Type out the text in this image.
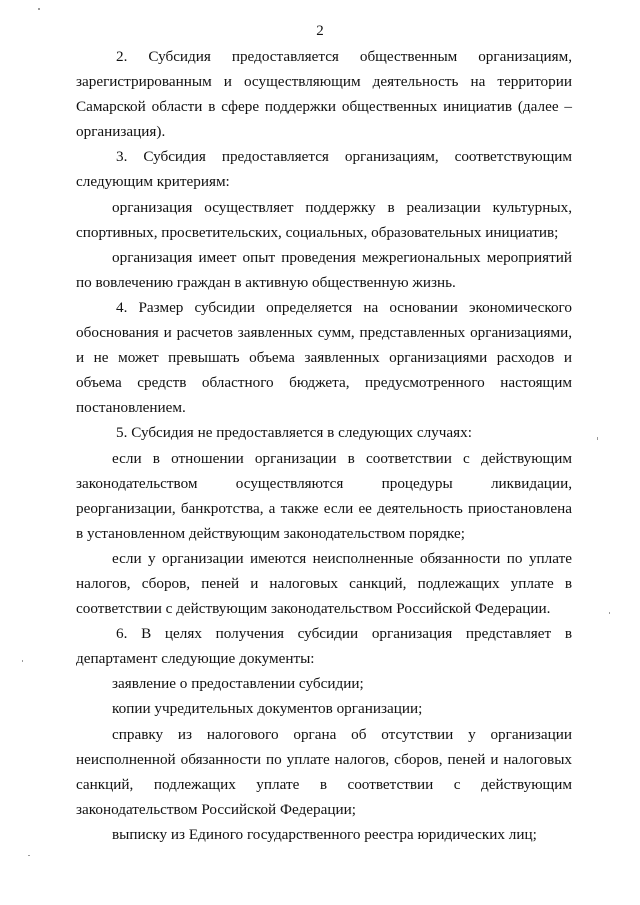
2

2. Субсидия предоставляется общественным организациям, зарегистрированным и осуществляющим деятельность на территории Самарской области в сфере поддержки общественных инициатив (далее – организация).

3. Субсидия предоставляется организациям, соответствующим следующим критериям:

организация осуществляет поддержку в реализации культурных, спортивных, просветительских, социальных, образовательных инициатив;

организация имеет опыт проведения межрегиональных мероприятий по вовлечению граждан в активную общественную жизнь.

4. Размер субсидии определяется на основании экономического обоснования и расчетов заявленных сумм, представленных организациями, и не может превышать объема заявленных организациями расходов и объема средств областного бюджета, предусмотренного настоящим постановлением.

5. Субсидия не предоставляется в следующих случаях:

если в отношении организации в соответствии с действующим законодательством осуществляются процедуры ликвидации, реорганизации, банкротства, а также если ее деятельность приостановлена в установленном действующим законодательством порядке;

если у организации имеются неисполненные обязанности по уплате налогов, сборов, пеней и налоговых санкций, подлежащих уплате в соответствии с действующим законодательством Российской Федерации.

6. В целях получения субсидии организация представляет в департамент следующие документы:

заявление о предоставлении субсидии;

копии учредительных документов организации;

справку из налогового органа об отсутствии у организации неисполненной обязанности по уплате налогов, сборов, пеней и налоговых санкций, подлежащих уплате в соответствии с действующим законодательством Российской Федерации;

выписку из Единого государственного реестра юридических лиц;
